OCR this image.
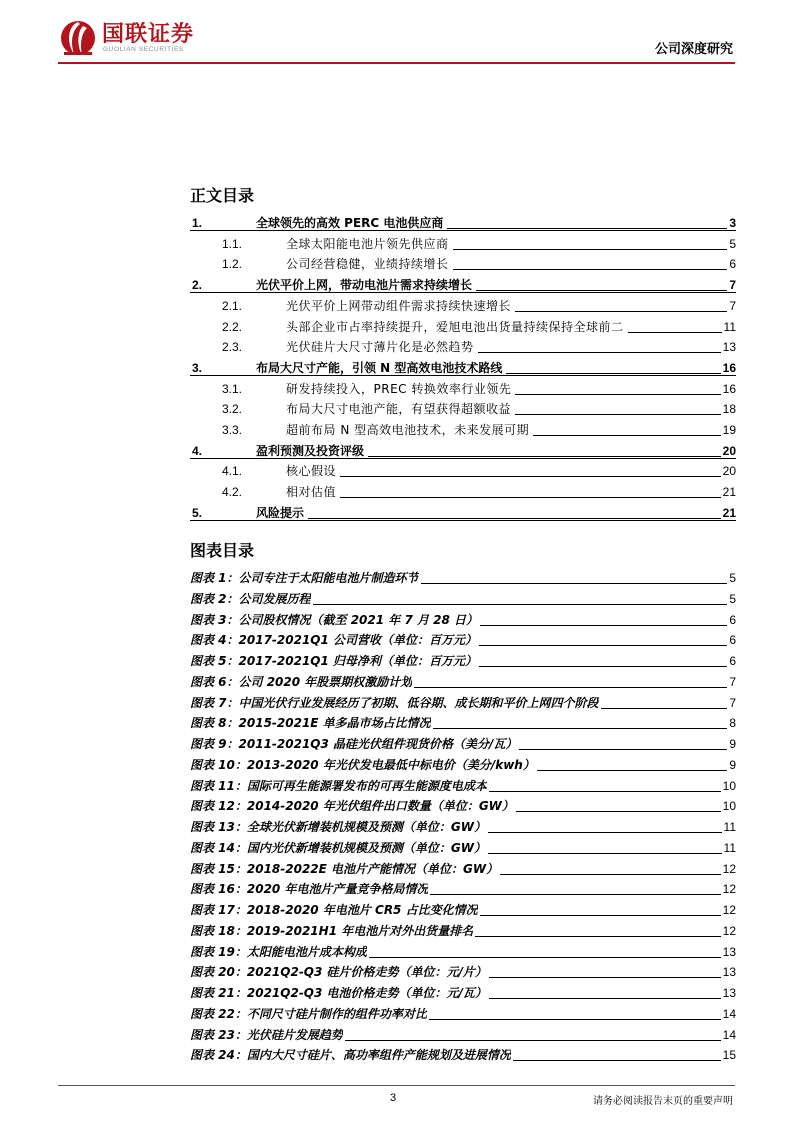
国联证券
GUOLIAN SECURITIES	公司深度研究
正文目录
1.	全球领先的高效 PERC 电池供应商	3
1.1.	全球太阳能电池片领先供应商	5
1.2.	公司经营稳健，业绩持续增长	6
2.	光伏平价上网，带动电池片需求持续增长	7
2.1.	光伏平价上网带动组件需求持续快速增长	7
2.2.	头部企业市占率持续提升，爱旭电池出货量持续保持全球前二	11
2.3.	光伏硅片大尺寸薄片化是必然趋势	13
3.	布局大尺寸产能，引领 N 型高效电池技术路线	16
3.1.	研发持续投入，PREC 转换效率行业领先	16
3.2.	布局大尺寸电池产能，有望获得超额收益	18
3.3.	超前布局 N 型高效电池技术，未来发展可期	19
4.	盈利预测及投资评级	20
4.1.	核心假设	20
4.2.	相对估值	21
5.	风险提示	21
图表目录
图表 1：公司专注于太阳能电池片制造环节	5
图表 2：公司发展历程	5
图表 3：公司股权情况（截至 2021 年 7 月 28 日）	6
图表 4：2017-2021Q1 公司营收（单位：百万元）	6
图表 5：2017-2021Q1 归母净利（单位：百万元）	6
图表 6：公司 2020 年股票期权激励计划	7
图表 7：中国光伏行业发展经历了初期、低谷期、成长期和平价上网四个阶段	7
图表 8：2015-2021E 单多晶市场占比情况	8
图表 9：2011-2021Q3 晶硅光伏组件现货价格（美分/瓦）	9
图表 10：2013-2020 年光伏发电最低中标电价（美分/kwh）	9
图表 11：国际可再生能源署发布的可再生能源度电成本	10
图表 12：2014-2020 年光伏组件出口数量（单位：GW）	10
图表 13：全球光伏新增装机规模及预测（单位：GW）	11
图表 14：国内光伏新增装机规模及预测（单位：GW）	11
图表 15：2018-2022E 电池片产能情况（单位：GW）	12
图表 16：2020 年电池片产量竞争格局情况	12
图表 17：2018-2020 年电池片 CR5 占比变化情况	12
图表 18：2019-2021H1 年电池片对外出货量排名	12
图表 19：太阳能电池片成本构成	13
图表 20：2021Q2-Q3 硅片价格走势（单位：元/片）	13
图表 21：2021Q2-Q3 电池价格走势（单位：元/瓦）	13
图表 22：不同尺寸硅片制作的组件功率对比	14
图表 23：光伏硅片发展趋势	14
图表 24：国内大尺寸硅片、高功率组件产能规划及进展情况	15
3	请务必阅读报告末页的重要声明
